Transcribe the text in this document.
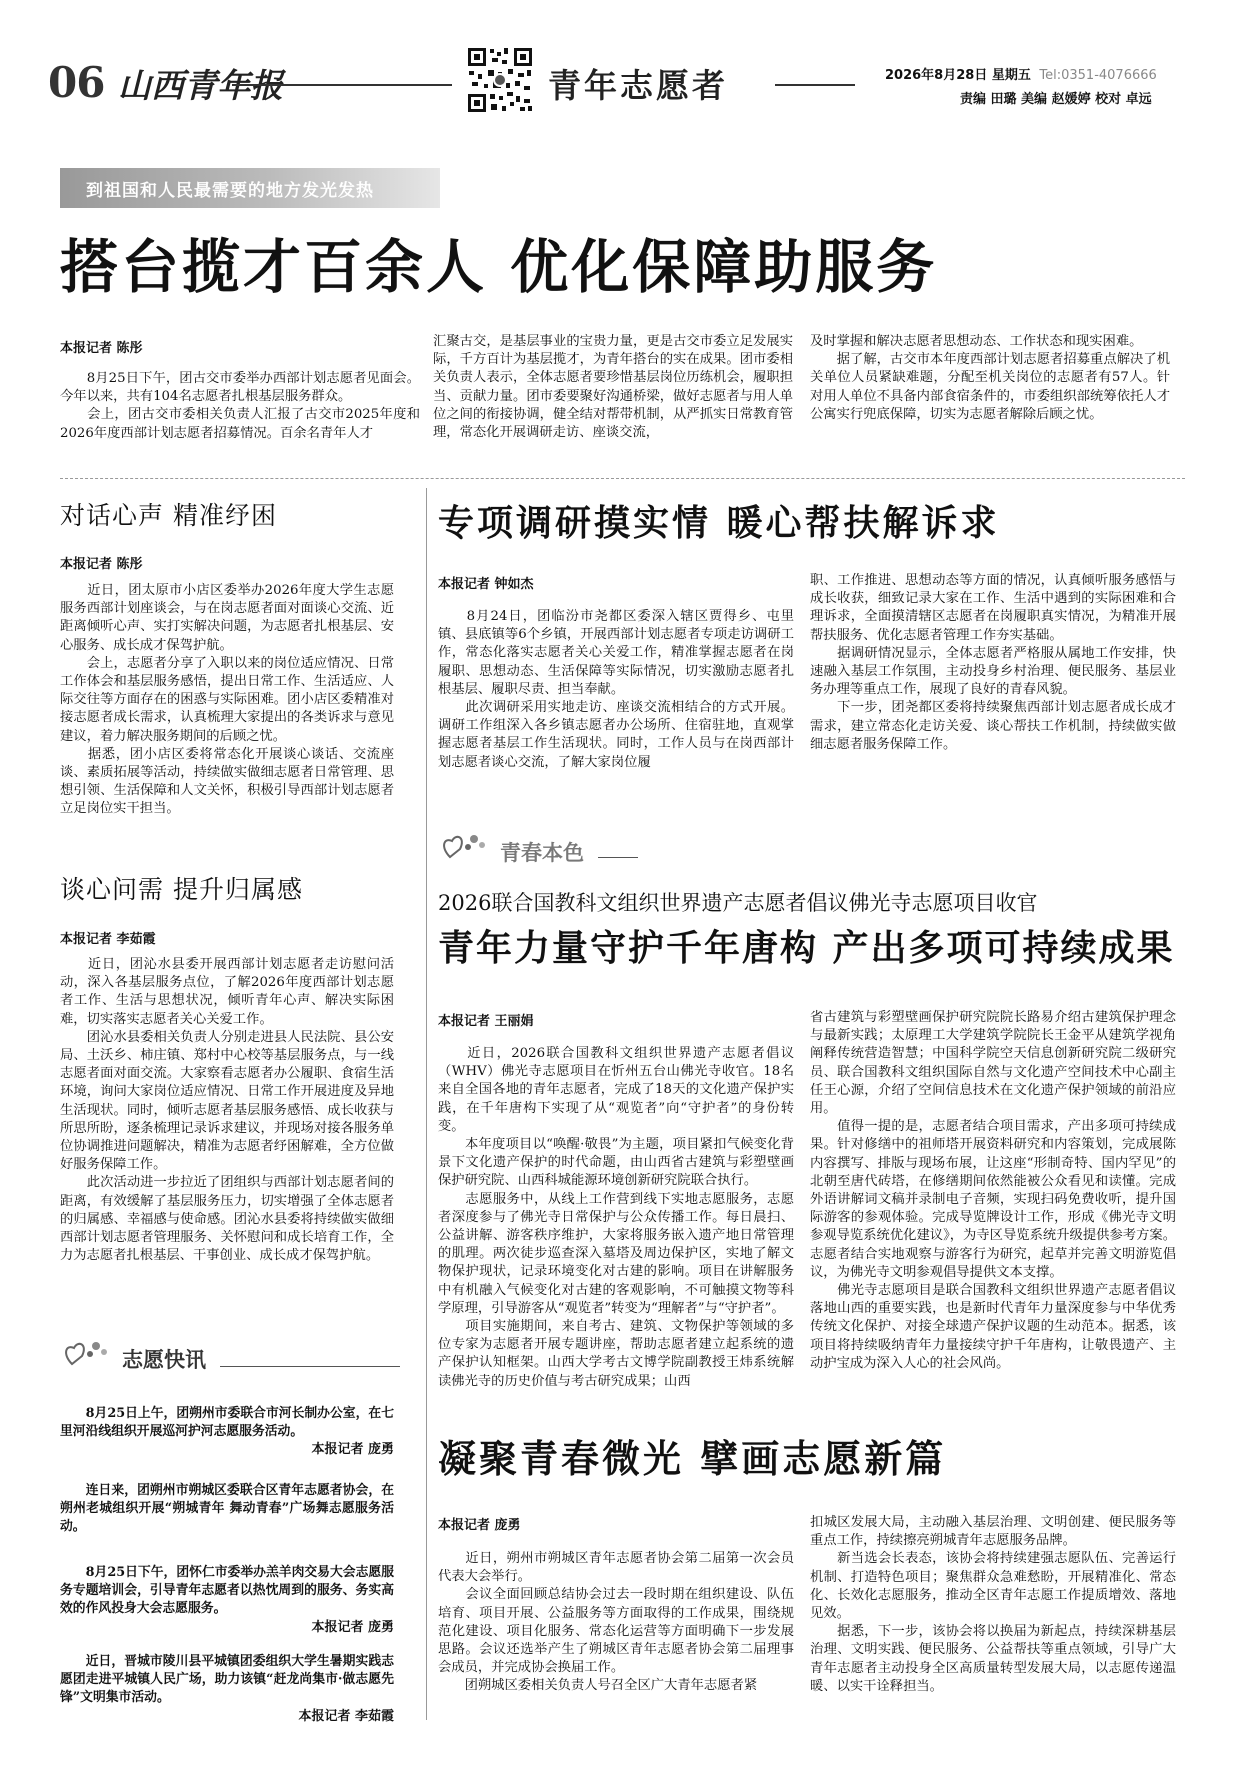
06 山西青年报	青年志愿者	2026年8月28日 星期五 Tel:0351-4076666
责编 田璐 美编 赵媛婷 校对 卓远
到祖国和人民最需要的地方发光发热
搭台揽才百余人 优化保障助服务
本报记者 陈彤
　　8月25日下午，团古交市委举办西部计划志愿者见面会。今年以来，共有104名志愿者扎根基层服务群众。
　　会上，团古交市委相关负责人汇报了古交市2025年度和2026年度西部计划志愿者招募情况。百余名青年人才
汇聚古交，是基层事业的宝贵力量，更是古交市委立足发展实际，千方百计为基层揽才，为青年搭台的实在成果。团市委相关负责人表示，全体志愿者要珍惜基层岗位历练机会，履职担当、贡献力量。团市委要聚好沟通桥梁，做好志愿者与用人单位之间的衔接协调，健全结对帮带机制，从严抓实日常教育管理，常态化开展调研走访、座谈交流，
及时掌握和解决志愿者思想动态、工作状态和现实困难。
　　据了解，古交市本年度西部计划志愿者招募重点解决了机关单位人员紧缺难题，分配至机关岗位的志愿者有57人。针对用人单位不具备内部食宿条件的，市委组织部统筹依托人才公寓实行兜底保障，切实为志愿者解除后顾之忧。
对话心声 精准纾困
本报记者 陈彤
　　近日，团太原市小店区委举办2026年度大学生志愿服务西部计划座谈会，与在岗志愿者面对面谈心交流、近距离倾听心声、实打实解决问题，为志愿者扎根基层、安心服务、成长成才保驾护航。
　　会上，志愿者分享了入职以来的岗位适应情况、日常工作体会和基层服务感悟，提出日常工作、生活适应、人际交往等方面存在的困惑与实际困难。团小店区委精准对接志愿者成长需求，认真梳理大家提出的各类诉求与意见建议，着力解决服务期间的后顾之忧。
　　据悉，团小店区委将常态化开展谈心谈话、交流座谈、素质拓展等活动，持续做实做细志愿者日常管理、思想引领、生活保障和人文关怀，积极引导西部计划志愿者立足岗位实干担当。
谈心问需 提升归属感
本报记者 李茹霞
　　近日，团沁水县委开展西部计划志愿者走访慰问活动，深入各基层服务点位，了解2026年度西部计划志愿者工作、生活与思想状况，倾听青年心声、解决实际困难，切实落实志愿者关心关爱工作。
　　团沁水县委相关负责人分别走进县人民法院、县公安局、土沃乡、柿庄镇、郑村中心校等基层服务点，与一线志愿者面对面交流。大家察看志愿者办公履职、食宿生活环境，询问大家岗位适应情况、日常工作开展进度及异地生活现状。同时，倾听志愿者基层服务感悟、成长收获与所思所盼，逐条梳理记录诉求建议，并现场对接各服务单位协调推进问题解决，精准为志愿者纾困解难，全方位做好服务保障工作。
　　此次活动进一步拉近了团组织与西部计划志愿者间的距离，有效缓解了基层服务压力，切实增强了全体志愿者的归属感、幸福感与使命感。团沁水县委将持续做实做细西部计划志愿者管理服务、关怀慰问和成长培育工作，全力为志愿者扎根基层、干事创业、成长成才保驾护航。
志愿快讯
　　8月25日上午，团朔州市委联合市河长制办公室，在七里河沿线组织开展巡河护河志愿服务活动。
本报记者 庞勇
　　连日来，团朔州市朔城区委联合区青年志愿者协会，在朔州老城组织开展“朔城青年 舞动青春”广场舞志愿服务活动。
　　8月25日下午，团怀仁市委举办羔羊肉交易大会志愿服务专题培训会，引导青年志愿者以热忱周到的服务、务实高效的作风投身大会志愿服务。
本报记者 庞勇
　　近日，晋城市陵川县平城镇团委组织大学生暑期实践志愿团走进平城镇人民广场，助力该镇“赶龙尚集市·做志愿先锋”文明集市活动。
本报记者 李茹霞
专项调研摸实情 暖心帮扶解诉求
本报记者 钟如杰
　　8月24日，团临汾市尧都区委深入辖区贾得乡、屯里镇、县底镇等6个乡镇，开展西部计划志愿者专项走访调研工作，常态化落实志愿者关心关爱工作，精准掌握志愿者在岗履职、思想动态、生活保障等实际情况，切实激励志愿者扎根基层、履职尽责、担当奉献。
　　此次调研采用实地走访、座谈交流相结合的方式开展。调研工作组深入各乡镇志愿者办公场所、住宿驻地，直观掌握志愿者基层工作生活现状。同时，工作人员与在岗西部计划志愿者谈心交流，了解大家岗位履
职、工作推进、思想动态等方面的情况，认真倾听服务感悟与成长收获，细致记录大家在工作、生活中遇到的实际困难和合理诉求，全面摸清辖区志愿者在岗履职真实情况，为精准开展帮扶服务、优化志愿者管理工作夯实基础。
　　据调研情况显示，全体志愿者严格服从属地工作安排，快速融入基层工作氛围，主动投身乡村治理、便民服务、基层业务办理等重点工作，展现了良好的青春风貌。
　　下一步，团尧都区委将持续聚焦西部计划志愿者成长成才需求，建立常态化走访关爱、谈心帮扶工作机制，持续做实做细志愿者服务保障工作。
青春本色
2026联合国教科文组织世界遗产志愿者倡议佛光寺志愿项目收官
青年力量守护千年唐构 产出多项可持续成果
本报记者 王丽娟
　　近日，2026联合国教科文组织世界遗产志愿者倡议（WHV）佛光寺志愿项目在忻州五台山佛光寺收官。18名来自全国各地的青年志愿者，完成了18天的文化遗产保护实践，在千年唐构下实现了从“观览者”向“守护者”的身份转变。
　　本年度项目以“唤醒·敬畏”为主题，项目紧扣气候变化背景下文化遗产保护的时代命题，由山西省古建筑与彩塑壁画保护研究院、山西科城能源环境创新研究院联合执行。
　　志愿服务中，从线上工作营到线下实地志愿服务，志愿者深度参与了佛光寺日常保护与公众传播工作。每日晨扫、公益讲解、游客秩序维护，大家将服务嵌入遗产地日常管理的肌理。两次徒步巡查深入墓塔及周边保护区，实地了解文物保护现状，记录环境变化对古建的影响。项目在讲解服务中有机融入气候变化对古建的客观影响，不可触摸文物等科学原理，引导游客从“观览者”转变为“理解者”与“守护者”。
　　项目实施期间，来自考古、建筑、文物保护等领域的多位专家为志愿者开展专题讲座，帮助志愿者建立起系统的遗产保护认知框架。山西大学考古文博学院副教授王炜系统解读佛光寺的历史价值与考古研究成果；山西
省古建筑与彩塑壁画保护研究院院长路易介绍古建筑保护理念与最新实践；太原理工大学建筑学院院长王金平从建筑学视角阐释传统营造智慧；中国科学院空天信息创新研究院二级研究员、联合国教科文组织国际自然与文化遗产空间技术中心副主任王心源，介绍了空间信息技术在文化遗产保护领域的前沿应用。
　　值得一提的是，志愿者结合项目需求，产出多项可持续成果。针对修缮中的祖师塔开展资料研究和内容策划，完成展陈内容撰写、排版与现场布展，让这座“形制奇特、国内罕见”的北朝至唐代砖塔，在修缮期间依然能被公众看见和读懂。完成外语讲解词文稿并录制电子音频，实现扫码免费收听，提升国际游客的参观体验。完成导览牌设计工作，形成《佛光寺文明参观导览系统优化建议》，为寺区导览系统升级提供参考方案。志愿者结合实地观察与游客行为研究，起草并完善文明游览倡议，为佛光寺文明参观倡导提供文本支撑。
　　佛光寺志愿项目是联合国教科文组织世界遗产志愿者倡议落地山西的重要实践，也是新时代青年力量深度参与中华优秀传统文化保护、对接全球遗产保护议题的生动范本。据悉，该项目将持续吸纳青年力量接续守护千年唐构，让敬畏遗产、主动护宝成为深入人心的社会风尚。
凝聚青春微光 擘画志愿新篇
本报记者 庞勇
　　近日，朔州市朔城区青年志愿者协会第二届第一次会员代表大会举行。
　　会议全面回顾总结协会过去一段时期在组织建设、队伍培育、项目开展、公益服务等方面取得的工作成果，围绕规范化建设、项目化服务、常态化运营等方面明确下一步发展思路。会议还选举产生了朔城区青年志愿者协会第二届理事会成员，并完成协会换届工作。
　　团朔城区委相关负责人号召全区广大青年志愿者紧
扣城区发展大局，主动融入基层治理、文明创建、便民服务等重点工作，持续擦亮朔城青年志愿服务品牌。
　　新当选会长表态，该协会将持续建强志愿队伍、完善运行机制、打造特色项目；聚焦群众急难愁盼，开展精准化、常态化、长效化志愿服务，推动全区青年志愿工作提质增效、落地见效。
　　据悉，下一步，该协会将以换届为新起点，持续深耕基层治理、文明实践、便民服务、公益帮扶等重点领域，引导广大青年志愿者主动投身全区高质量转型发展大局，以志愿传递温暖、以实干诠释担当。
